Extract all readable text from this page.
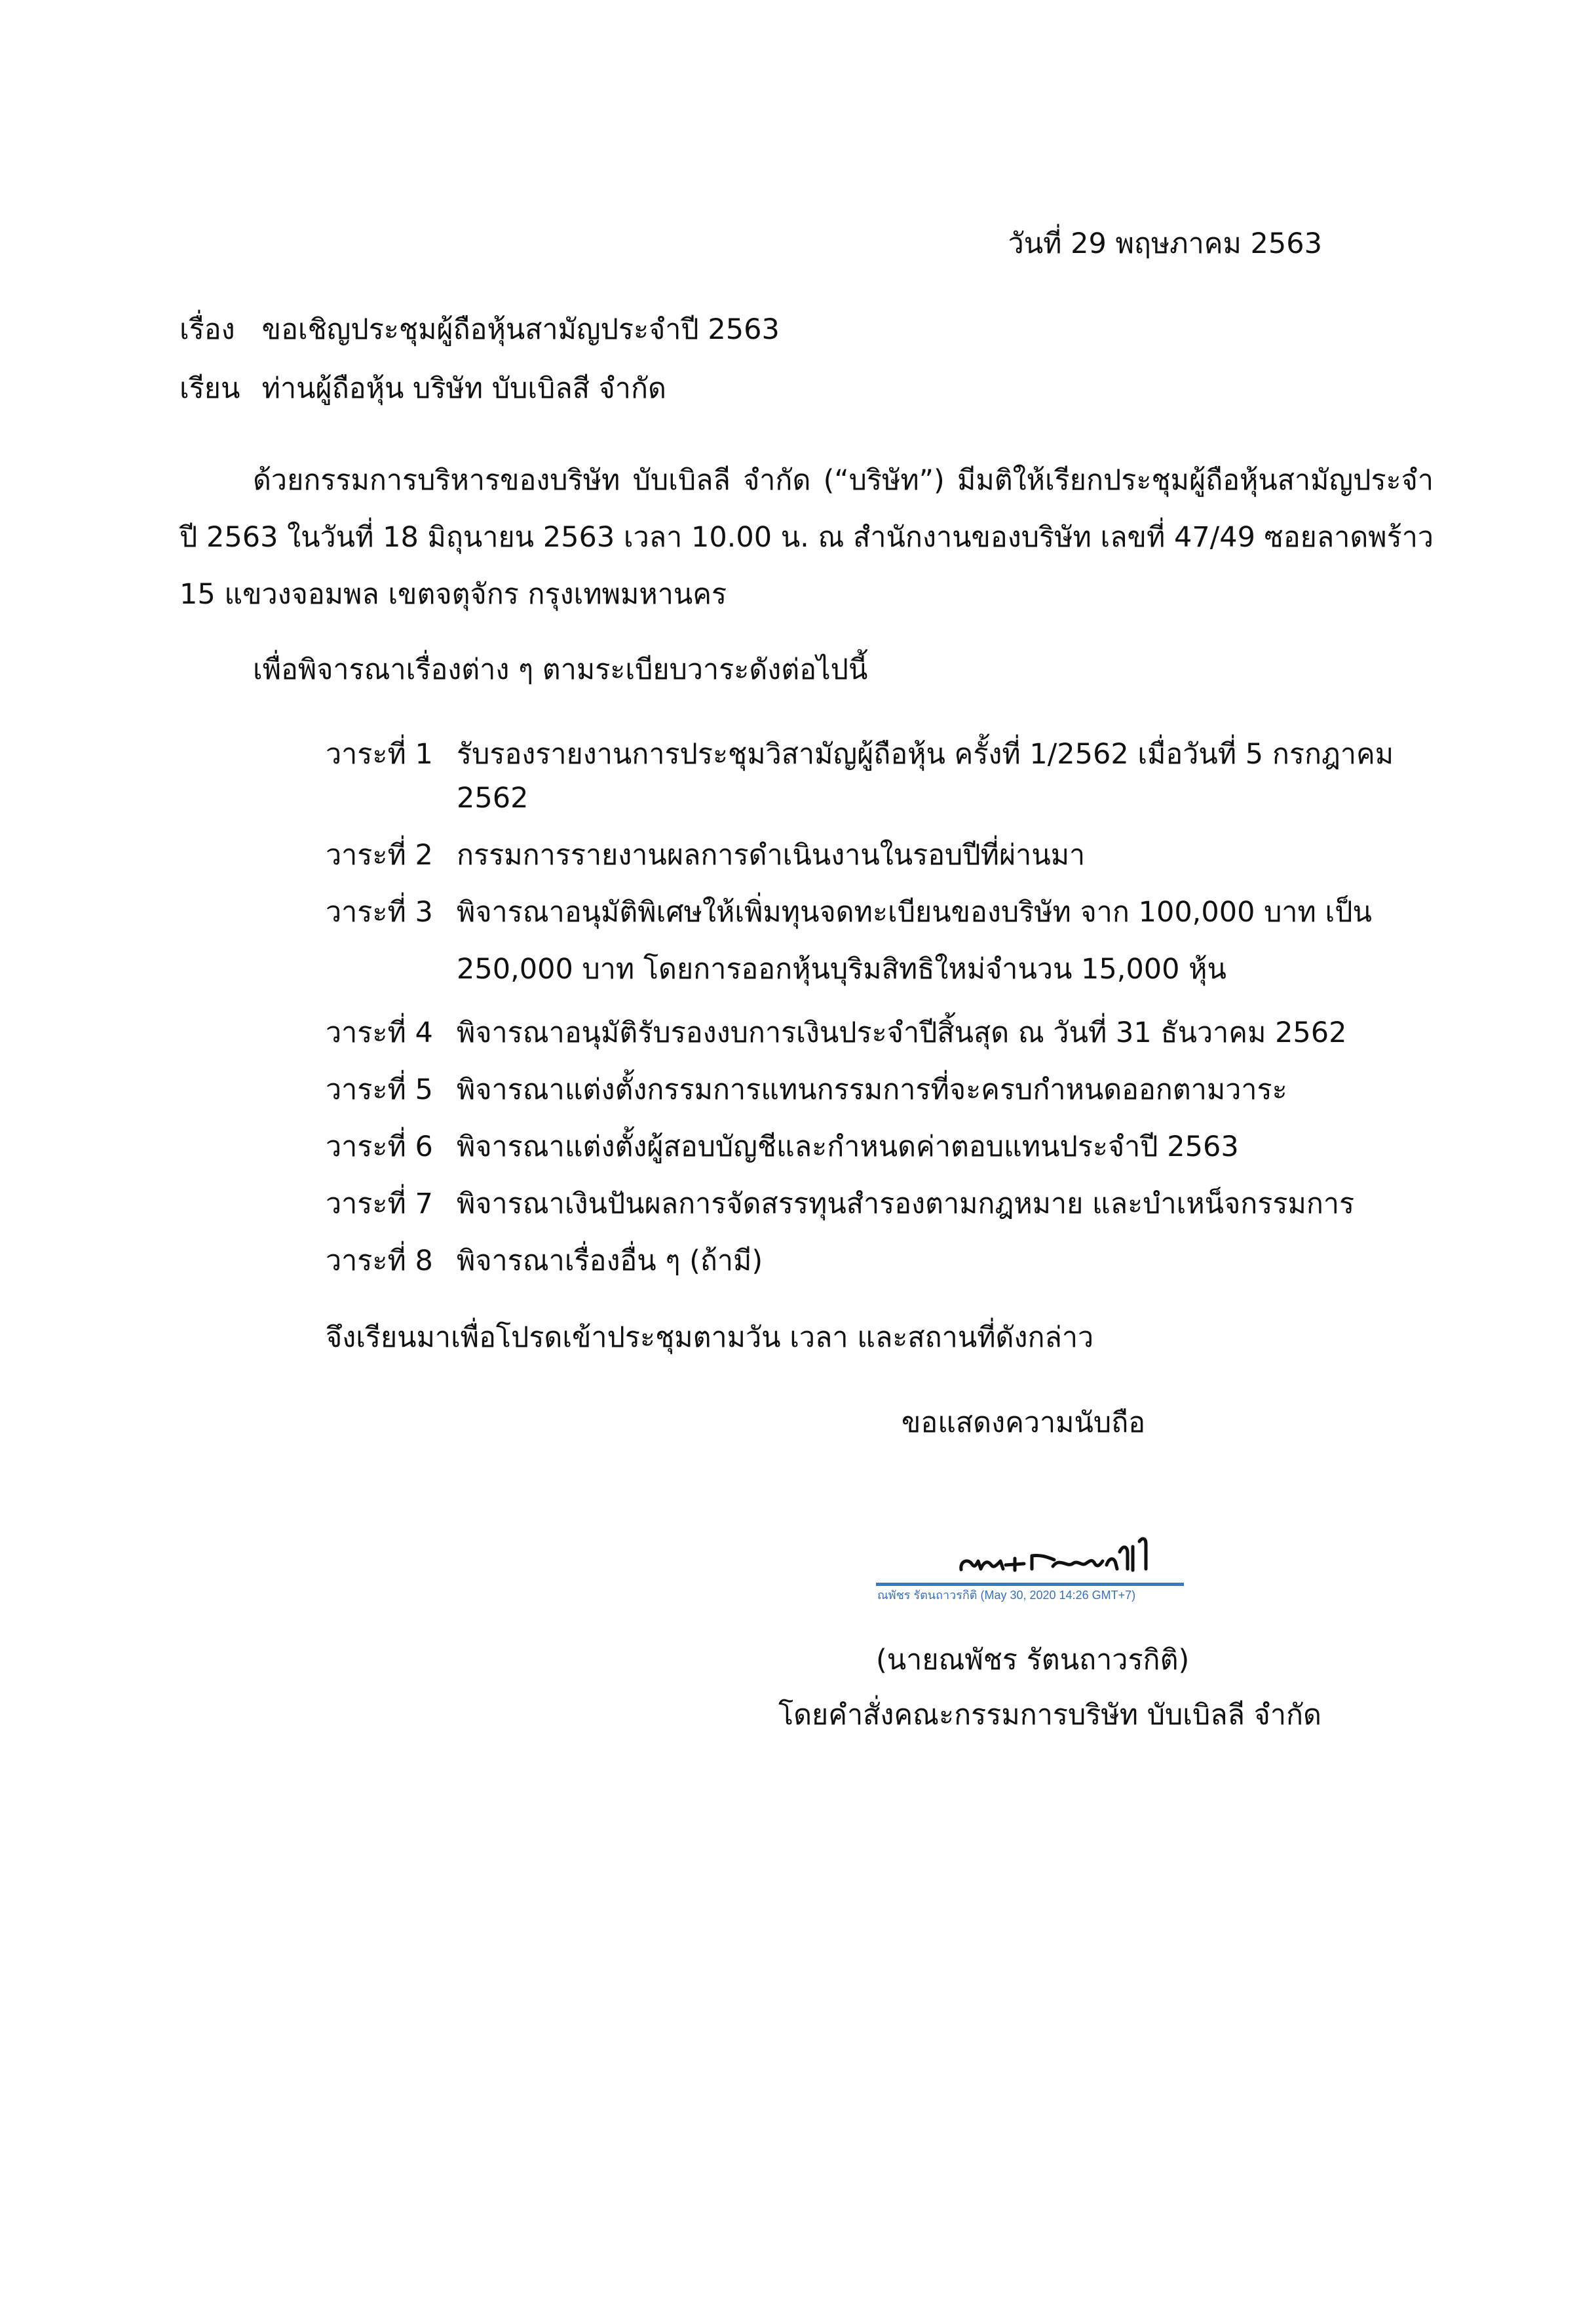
วันที่ 29 พฤษภาคม 2563
เรื่อง ขอเชิญประชุมผู้ถือหุ้นสามัญประจำปี 2563
เรียน ท่านผู้ถือหุ้น บริษัท บับเบิลสี จำกัด
ด้วยกรรมการบริหารของบริษัท บับเบิลลี จำกัด (“บริษัท”) มีมติให้เรียกประชุมผู้ถือหุ้นสามัญประจำปี 2563 ในวันที่ 18 มิถุนายน 2563 เวลา 10.00 น. ณ สำนักงานของบริษัท เลขที่ 47/49 ซอยลาดพร้าว 15 แขวงจอมพล เขตจตุจักร กรุงเทพมหานคร
เพื่อพิจารณาเรื่องต่าง ๆ ตามระเบียบวาระดังต่อไปนี้
วาระที่ 1 รับรองรายงานการประชุมวิสามัญผู้ถือหุ้น ครั้งที่ 1/2562 เมื่อวันที่ 5 กรกฎาคม 2562
วาระที่ 2 กรรมการรายงานผลการดำเนินงานในรอบปีที่ผ่านมา
วาระที่ 3 พิจารณาอนุมัติพิเศษให้เพิ่มทุนจดทะเบียนของบริษัท จาก 100,000 บาท เป็น 250,000 บาท โดยการออกหุ้นบุริมสิทธิใหม่จำนวน 15,000 หุ้น
วาระที่ 4 พิจารณาอนุมัติรับรองงบการเงินประจำปีสิ้นสุด ณ วันที่ 31 ธันวาคม 2562
วาระที่ 5 พิจารณาแต่งตั้งกรรมการแทนกรรมการที่จะครบกำหนดออกตามวาระ
วาระที่ 6 พิจารณาแต่งตั้งผู้สอบบัญชีและกำหนดค่าตอบแทนประจำปี 2563
วาระที่ 7 พิจารณาเงินปันผลการจัดสรรทุนสำรองตามกฎหมาย และบำเหน็จกรรมการ
วาระที่ 8 พิจารณาเรื่องอื่น ๆ (ถ้ามี)
จึงเรียนมาเพื่อโปรดเข้าประชุมตามวัน เวลา และสถานที่ดังกล่าว
ขอแสดงความนับถือ
ณพัชร รัตนถาวรกิติ (May 30, 2020 14:26 GMT+7)
(นายณพัชร รัตนถาวรกิติ)
โดยคำสั่งคณะกรรมการบริษัท บับเบิลลี จำกัด
